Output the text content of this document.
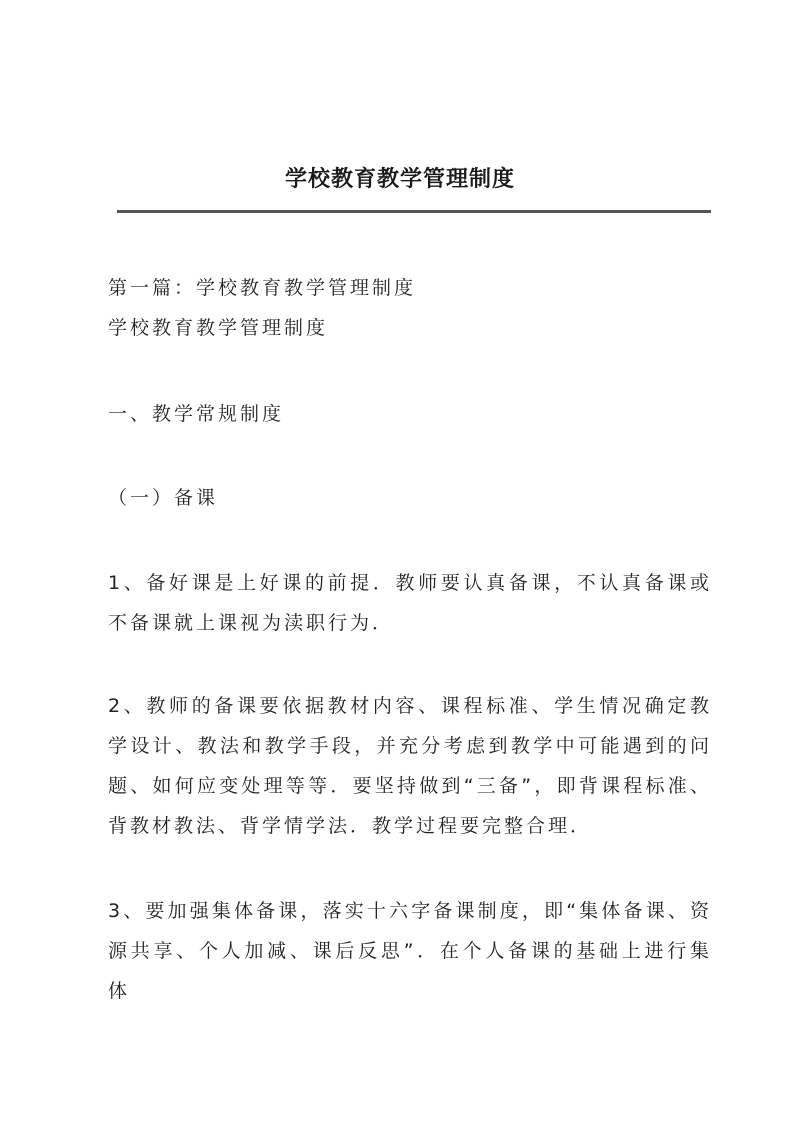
学校教育教学管理制度

第一篇：学校教育教学管理制度

学校教育教学管理制度

一、教学常规制度
（一）备课
1、备好课是上好课的前提．教师要认真备课，不认真备课或不备课就上课视为渎职行为．
2、教师的备课要依据教材内容、课程标准、学生情况确定教学设计、教法和教学手段，并充分考虑到教学中可能遇到的问题、如何应变处理等等．要坚持做到“三备”，即背课程标准、背教材教法、背学情学法．教学过程要完整合理．
3、要加强集体备课，落实十六字备课制度，即“集体备课、资源共享、个人加减、课后反思”．在个人备课的基础上进行集体
